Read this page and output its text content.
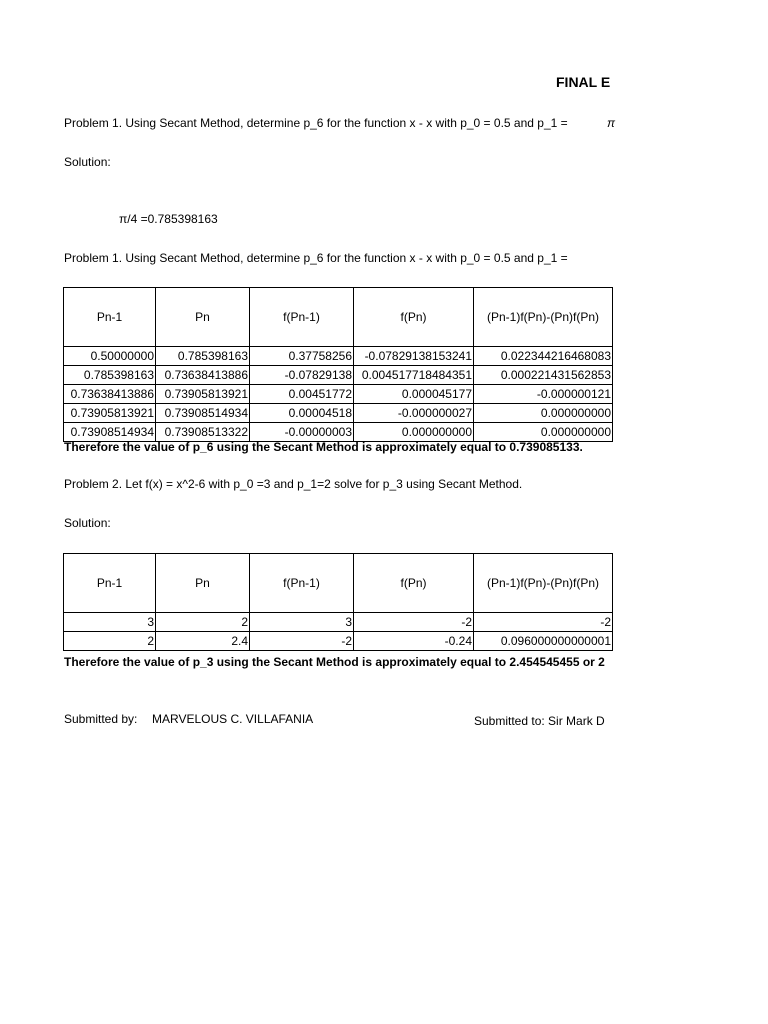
FINAL E
Problem 1. Using Secant Method, determine p_6 for the function x - x with p_0 = 0.5 and p_1 =	π
Solution:
π/4 =0.785398163
Problem 1. Using Secant Method, determine p_6 for the function x - x with p_0 = 0.5 and p_1 =
Pn-1	Pn	f(Pn-1)	f(Pn)	(Pn-1)f(Pn)-(Pn)f(Pn)
0.50000000	0.785398163	0.37758256	-0.07829138153241	0.022344216468083
0.785398163	0.73638413886	-0.07829138	0.004517718484351	0.000221431562853
0.73638413886	0.73905813921	0.00451772	0.000045177	-0.000000121
0.73905813921	0.73908514934	0.00004518	-0.000000027	0.000000000
0.73908514934	0.73908513322	-0.00000003	0.000000000	0.000000000
Therefore the value of p_6 using the Secant Method is approximately equal to 0.739085133.
Problem 2. Let f(x) = x^2-6 with p_0 =3 and p_1=2 solve for p_3 using Secant Method.
Solution:
Pn-1	Pn	f(Pn-1)	f(Pn)	(Pn-1)f(Pn)-(Pn)f(Pn)
3	2	3	-2	-2
2	2.4	-2	-0.24	0.096000000000001
Therefore the value of p_3 using the Secant Method is approximately equal to 2.454545455 or 2
Submitted by: MARVELOUS C. VILLAFANIA	Submitted to: Sir Mark D
